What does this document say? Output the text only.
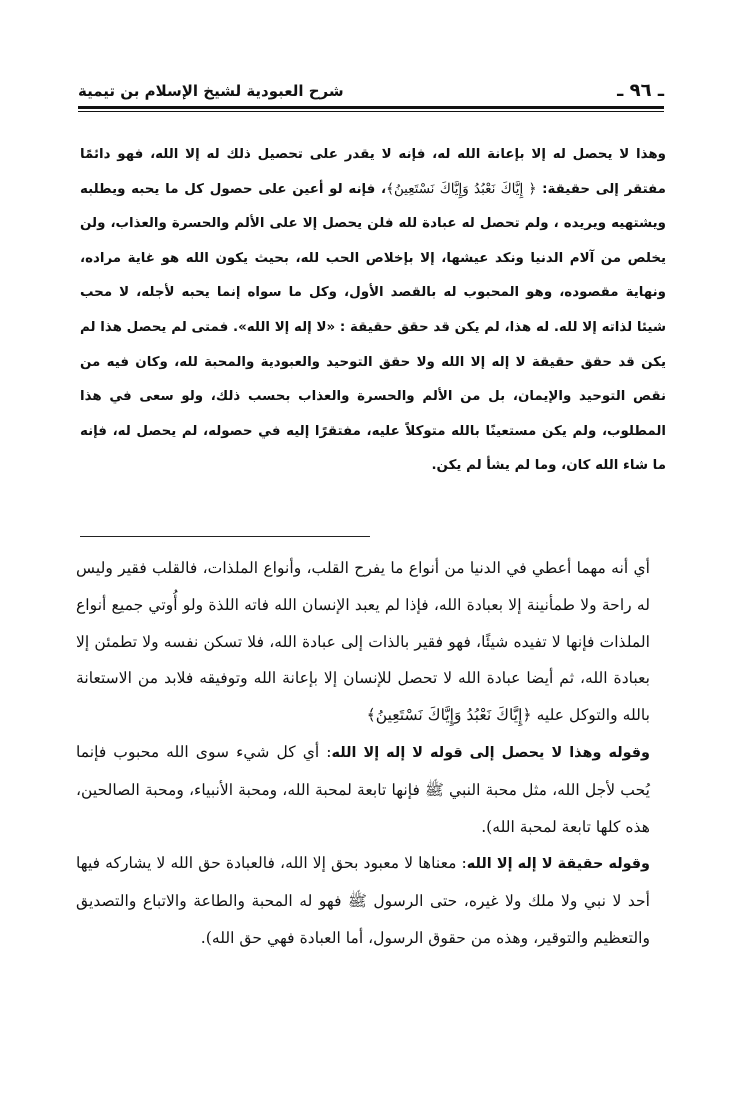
ـ ٩٦ ـ
شرح العبودية لشيخ الإسلام بن تيمية
وهذا لا يحصل له إلا بإعانة الله له، فإنه لا يقدر على تحصيل ذلك له إلا الله، فهو دائمًا مفتقر إلى حقيقة: ﴿ إِيَّاكَ نَعْبُدُ وَإِيَّاكَ نَسْتَعِينُ﴾، فإنه لو أعين على حصول كل ما يحبه ويطلبه ويشتهيه ويريده ، ولم تحصل له عبادة لله فلن يحصل إلا على الألم والحسرة والعذاب، ولن يخلص من آلام الدنيا ونكد عيشها، إلا بإخلاص الحب لله، بحيث يكون الله هو غاية مراده، ونهاية مقصوده، وهو المحبوب له بالقصد الأول، وكل ما سواه إنما يحبه لأجله، لا محب شيئا لذاته إلا لله. له هذا، لم يكن قد حقق حقيقة : «لا إله إلا الله». فمتى لم يحصل هذا لم يكن قد حقق حقيقة لا إله إلا الله ولا حقق التوحيد والعبودية والمحبة لله، وكان فيه من نقص التوحيد والإيمان، بل من الألم والحسرة والعذاب بحسب ذلك، ولو سعى في هذا المطلوب، ولم يكن مستعينًا بالله متوكلاً عليه، مفتقرًا إليه في حصوله، لم يحصل له، فإنه ما شاء الله كان، وما لم يشأ لم يكن.

أي أنه مهما أعطي في الدنيا من أنواع ما يفرح القلب، وأنواع الملذات، فالقلب فقير وليس له راحة ولا طمأنينة إلا بعبادة الله، فإذا لم يعبد الإنسان الله فاته اللذة ولو أُوتي جميع أنواع الملذات فإنها لا تفيده شيئًا، فهو فقير بالذات إلى عبادة الله، فلا تسكن نفسه ولا تطمئن إلا بعبادة الله، ثم أيضا عبادة الله لا تحصل للإنسان إلا بإعانة الله وتوفيقه فلابد من الاستعانة بالله والتوكل عليه ﴿إِيَّاكَ نَعْبُدُ وَإِيَّاكَ نَسْتَعِينُ﴾

وقوله وهذا لا يحصل إلى قوله لا إله إلا الله: أي كل شيء سوى الله محبوب فإنما يُحب لأجل الله، مثل محبة النبي ﷺ فإنها تابعة لمحبة الله، ومحبة الأنبياء، ومحبة الصالحين، هذه كلها تابعة لمحبة الله).

وقوله حقيقة لا إله إلا الله: معناها لا معبود بحق إلا الله، فالعبادة حق الله لا يشاركه فيها أحد لا نبي ولا ملك ولا غيره، حتى الرسول ﷺ فهو له المحبة والطاعة والاتباع والتصديق والتعظيم والتوقير، وهذه من حقوق الرسول، أما العبادة فهي حق الله).
